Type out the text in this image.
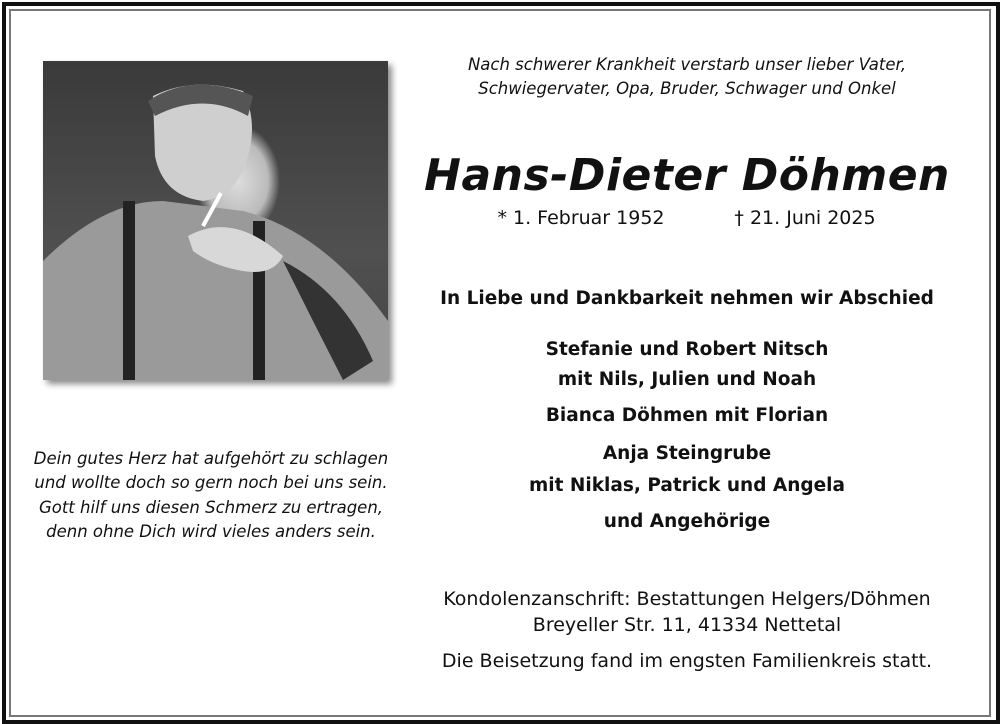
Nach schwerer Krankheit verstarb unser lieber Vater,
Schwiegervater, Opa, Bruder, Schwager und Onkel
Hans-Dieter Döhmen
* 1. Februar 1952	† 21. Juni 2025
In Liebe und Dankbarkeit nehmen wir Abschied
Stefanie und Robert Nitsch
mit Nils, Julien und Noah
Bianca Döhmen mit Florian
Anja Steingrube
mit Niklas, Patrick und Angela
und Angehörige
Dein gutes Herz hat aufgehört zu schlagen
und wollte doch so gern noch bei uns sein.
Gott hilf uns diesen Schmerz zu ertragen,
denn ohne Dich wird vieles anders sein.
Kondolenzanschrift: Bestattungen Helgers/Döhmen
Breyeller Str. 11, 41334 Nettetal
Die Beisetzung fand im engsten Familienkreis statt.
